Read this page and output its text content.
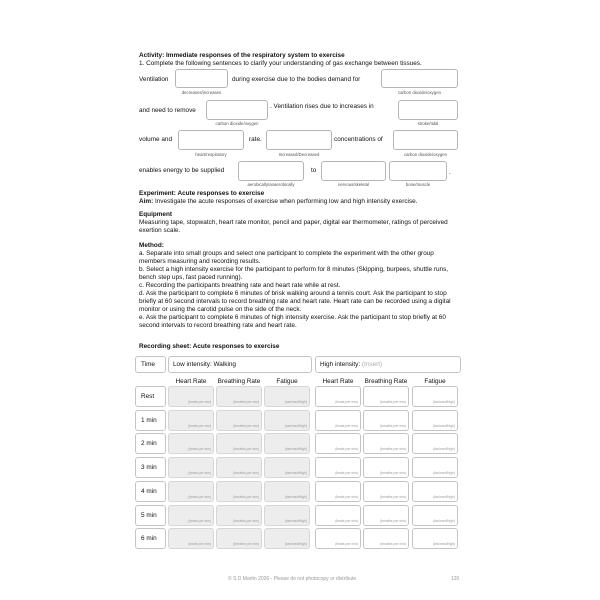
Activity: Immediate responses of the respiratory system to exercise
1. Complete the following sentences to clarify your understanding of gas exchange between tissues.
Ventilation	during exercise due to the bodies demand for
decreases/increases	carbon dioxide/oxygen
and need to remove
. Ventilation rises due to increases in
carbon dioxide/oxygen	stroke/tidal
volume and	rate.	concentrations of
heart/respiratory	Increased/Decreased	carbon dioxide/oxygen
enables energy to be supplied	to	.
aerobically/anaerobically	nervous/skeletal	bone/muscle
Experiment: Acute responses to exercise
Aim: Investigate the acute responses of exercise when performing low and high intensity exercise.
Equipment
Measuring tape, stopwatch, heart rate monitor, pencil and paper, digital ear thermometer, ratings of perceived exertion scale.
Method:
a. Separate into small groups and select one participant to complete the experiment with the other group members measuring and recording results.
b. Select a high intensity exercise for the participant to perform for 8 minutes (Skipping, burpees, shuttle runs, bench step ups, fast paced running).
c. Recording the participants breathing rate and heart rate while at rest.
d. Ask the participant to complete 6 minutes of brisk walking around a tennis court. Ask the participant to stop briefly at 60 second intervals to record breathing rate and heart rate. Heart rate can be recorded using a digital monitor or using the carotid pulse on the side of the neck.
e. Ask the participant to complete 6 minutes of high intensity exercise. Ask the participant to stop briefly at 60 second intervals to record breathing rate and heart rate.
Recording sheet: Acute responses to exercise
Time	Low intensity: Walking	High intensity: (Insert)
Heart Rate	Breathing Rate	Fatigue	Heart Rate	Breathing Rate	Fatigue
Rest
(beats per min)	(breaths per min)	(low/med/high)	(beats per min)	(breaths per min)	(low/med/high)
1 min
(beats per min)	(breaths per min)	(low/med/high)	(beats per min)	(breaths per min)	(low/med/high)
2 min
(beats per min)	(breaths per min)	(low/med/high)	(beats per min)	(breaths per min)	(low/med/high)
3 min
(beats per min)	(breaths per min)	(low/med/high)	(beats per min)	(breaths per min)	(low/med/high)
4 min
(beats per min)	(breaths per min)	(low/med/high)	(beats per min)	(breaths per min)	(low/med/high)
5 min
(beats per min)	(breaths per min)	(low/med/high)	(beats per min)	(breaths per min)	(low/med/high)
6 min
(beats per min)	(breaths per min)	(low/med/high)	(beats per min)	(breaths per min)	(low/med/high)
© S D Martin 2026 - Please do not photocopy or distribute	120
